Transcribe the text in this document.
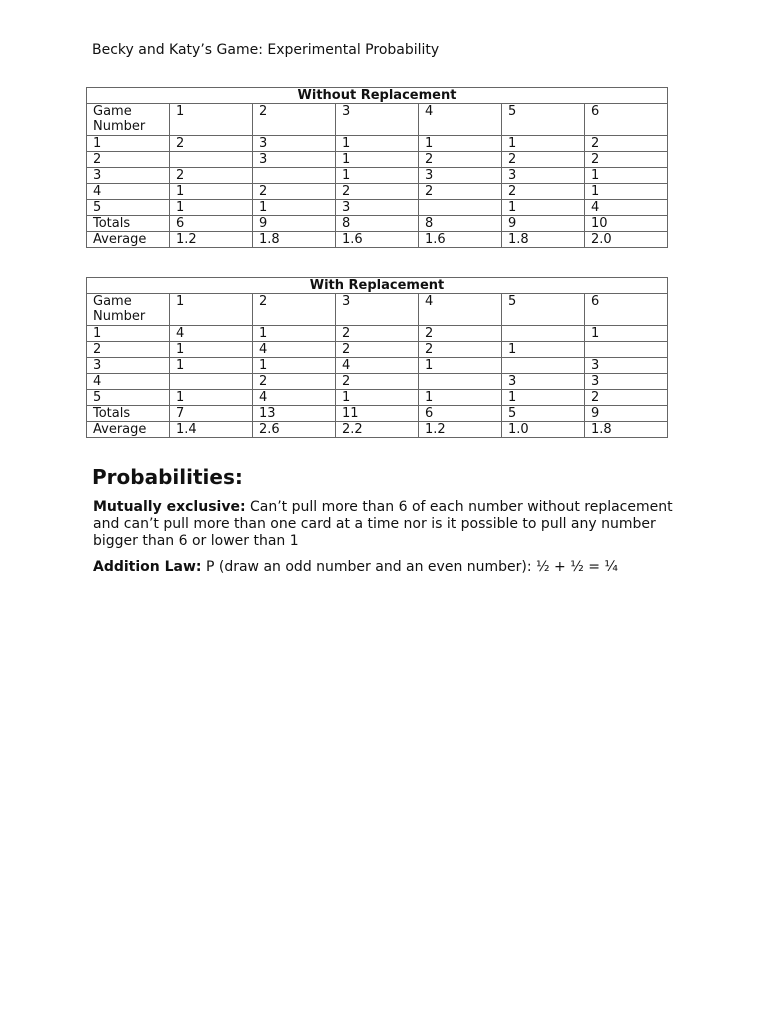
Becky and Katy’s Game: Experimental Probability
Without Replacement						
Game Number	1	2	3	4	5	6
1	2	3	1	1	1	2
2		3	1	2	2	2
3	2		1	3	3	1
4	1	2	2	2	2	1
5	1	1	3		1	4
Totals	6	9	8	8	9	10
Average	1.2	1.8	1.6	1.6	1.8	2.0
With Replacement						
Game Number	1	2	3	4	5	6
1	4	1	2	2		1
2	1	4	2	2	1	
3	1	1	4	1		3
4		2	2		3	3
5	1	4	1	1	1	2
Totals	7	13	11	6	5	9
Average	1.4	2.6	2.2	1.2	1.0	1.8
Probabilities:

Mutually exclusive: Can’t pull more than 6 of each number without replacement and can’t pull more than one card at a time nor is it possible to pull any number bigger than 6 or lower than 1

Addition Law: P (draw an odd number and an even number): ½ + ½ = ¼
